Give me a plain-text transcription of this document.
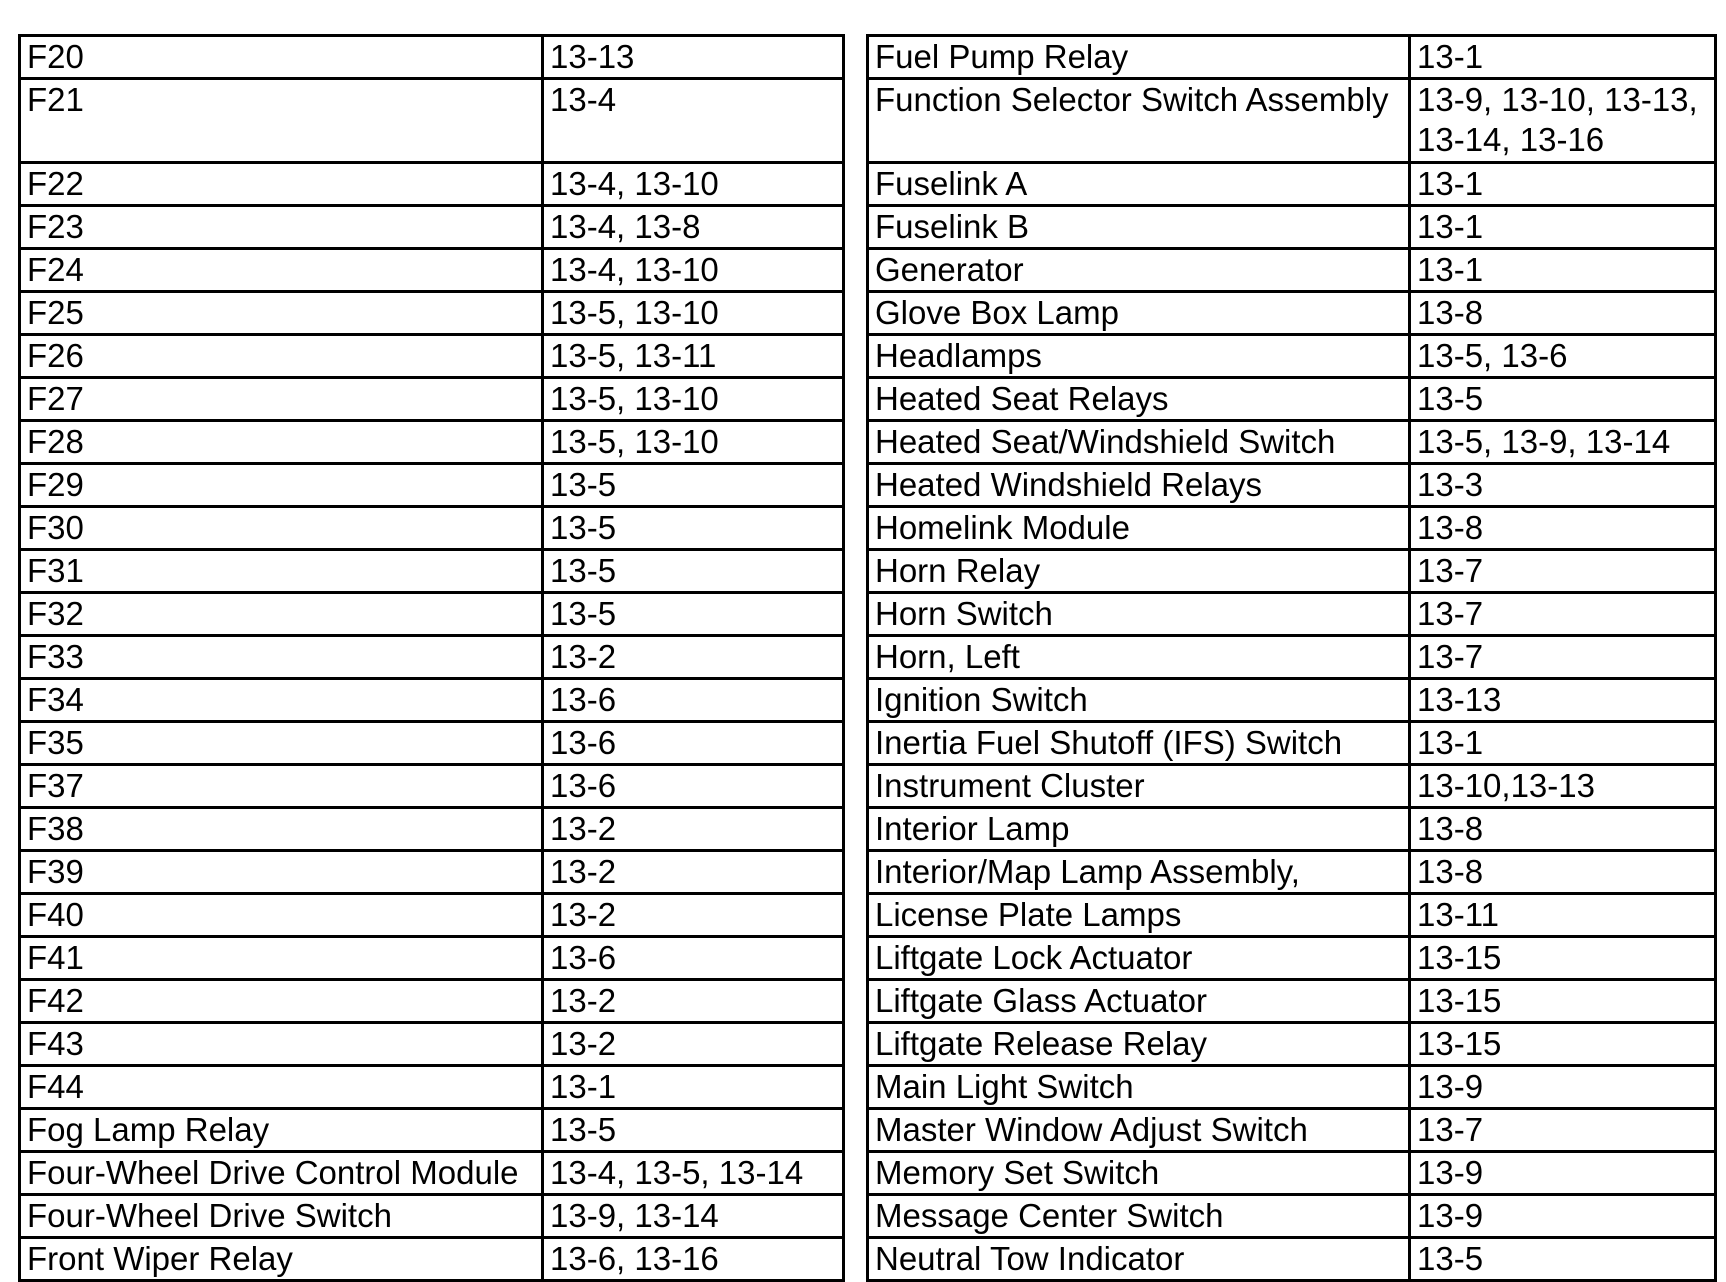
F20	13-13
F21	13-4
F22	13-4, 13-10
F23	13-4, 13-8
F24	13-4, 13-10
F25	13-5, 13-10
F26	13-5, 13-11
F27	13-5, 13-10
F28	13-5, 13-10
F29	13-5
F30	13-5
F31	13-5
F32	13-5
F33	13-2
F34	13-6
F35	13-6
F37	13-6
F38	13-2
F39	13-2
F40	13-2
F41	13-6
F42	13-2
F43	13-2
F44	13-1
Fog Lamp Relay	13-5
Four-Wheel Drive Control Module	13-4, 13-5, 13-14
Four-Wheel Drive Switch	13-9, 13-14
Front Wiper Relay	13-6, 13-16
Fuel Pump Relay	13-1
Function Selector Switch Assembly	13-9, 13-10, 13-13, 13-14, 13-16
Fuselink A	13-1
Fuselink B	13-1
Generator	13-1
Glove Box Lamp	13-8
Headlamps	13-5, 13-6
Heated Seat Relays	13-5
Heated Seat/Windshield Switch	13-5, 13-9, 13-14
Heated Windshield Relays	13-3
Homelink Module	13-8
Horn Relay	13-7
Horn Switch	13-7
Horn, Left	13-7
Ignition Switch	13-13
Inertia Fuel Shutoff (IFS) Switch	13-1
Instrument Cluster	13-10,13-13
Interior Lamp	13-8
Interior/Map Lamp Assembly,	13-8
License Plate Lamps	13-11
Liftgate Lock Actuator	13-15
Liftgate Glass Actuator	13-15
Liftgate Release Relay	13-15
Main Light Switch	13-9
Master Window Adjust Switch	13-7
Memory Set Switch	13-9
Message Center Switch	13-9
Neutral Tow Indicator	13-5
